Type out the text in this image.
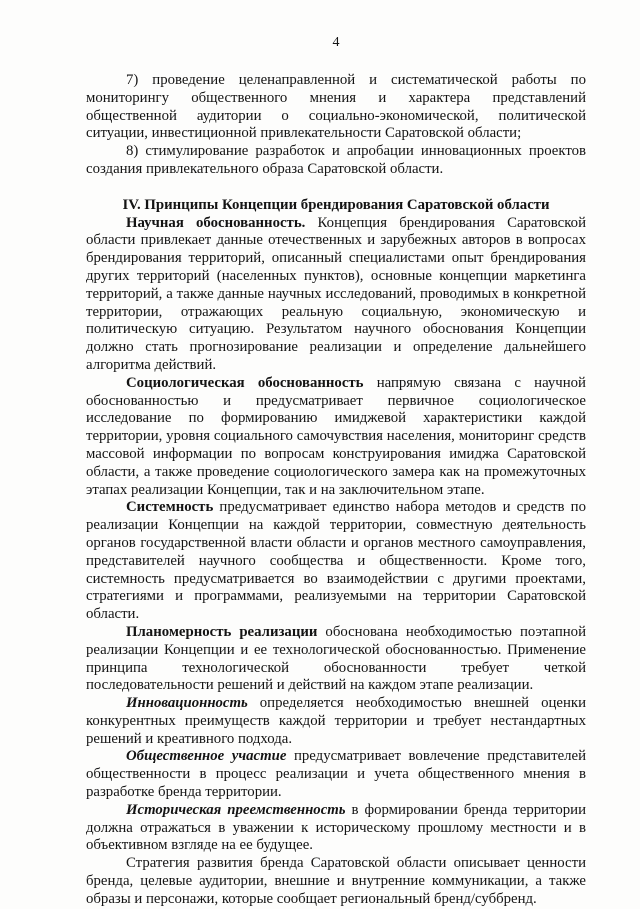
4

7) проведение целенаправленной и систематической работы по мониторингу общественного мнения и характера представлений общественной аудитории о социально-экономической, политической ситуации, инвестиционной привлекательности Саратовской области;

8) стимулирование разработок и апробации инновационных проектов создания привлекательного образа Саратовской области.

IV. Принципы Концепции брендирования Саратовской области

Научная обоснованность. Концепция брендирования Саратовской области привлекает данные отечественных и зарубежных авторов в вопросах брендирования территорий, описанный специалистами опыт брендирования других территорий (населенных пунктов), основные концепции маркетинга территорий, а также данные научных исследований, проводимых в конкретной территории, отражающих реальную социальную, экономическую и политическую ситуацию. Результатом научного обоснования Концепции должно стать прогнозирование реализации и определение дальнейшего алгоритма действий.

Социологическая обоснованность напрямую связана с научной обоснованностью и предусматривает первичное социологическое исследование по формированию имиджевой характеристики каждой территории, уровня социального самочувствия населения, мониторинг средств массовой информации по вопросам конструирования имиджа Саратовской области, а также проведение социологического замера как на промежуточных этапах реализации Концепции, так и на заключительном этапе.

Системность предусматривает единство набора методов и средств по реализации Концепции на каждой территории, совместную деятельность органов государственной власти области и органов местного самоуправления, представителей научного сообщества и общественности. Кроме того, системность предусматривается во взаимодействии с другими проектами, стратегиями и программами, реализуемыми на территории Саратовской области.

Планомерность реализации обоснована необходимостью поэтапной реализации Концепции и ее технологической обоснованностью. Применение принципа технологической обоснованности требует четкой последовательности решений и действий на каждом этапе реализации.

Инновационность определяется необходимостью внешней оценки конкурентных преимуществ каждой территории и требует нестандартных решений и креативного подхода.

Общественное участие предусматривает вовлечение представителей общественности в процесс реализации и учета общественного мнения в разработке бренда территории.

Историческая преемственность в формировании бренда территории должна отражаться в уважении к историческому прошлому местности и в объективном взгляде на ее будущее.

Стратегия развития бренда Саратовской области описывает ценности бренда, целевые аудитории, внешние и внутренние коммуникации, а также образы и персонажи, которые сообщает региональный бренд/суббренд.
